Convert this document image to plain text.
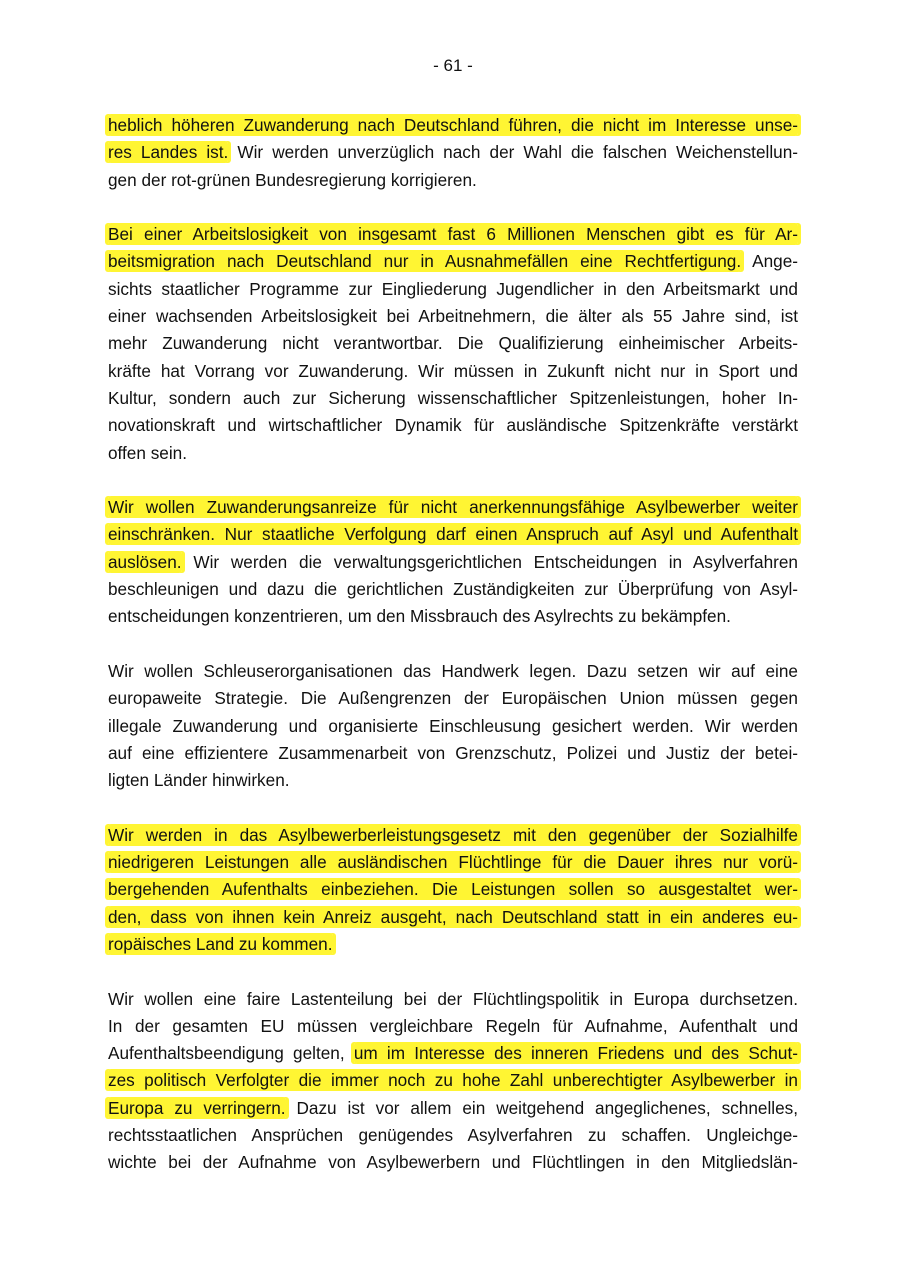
- 61 -
heblich höheren Zuwanderung nach Deutschland führen, die nicht im Interesse unse-
res Landes ist. Wir werden unverzüglich nach der Wahl die falschen Weichenstellun-
gen der rot-grünen Bundesregierung korrigieren.
Bei einer Arbeitslosigkeit von insgesamt fast 6 Millionen Menschen gibt es für Ar-
beitsmigration nach Deutschland nur in Ausnahmefällen eine Rechtfertigung. Ange-
sichts staatlicher Programme zur Eingliederung Jugendlicher in den Arbeitsmarkt und
einer wachsenden Arbeitslosigkeit bei Arbeitnehmern, die älter als 55 Jahre sind, ist
mehr Zuwanderung nicht verantwortbar. Die Qualifizierung einheimischer Arbeits-
kräfte hat Vorrang vor Zuwanderung. Wir müssen in Zukunft nicht nur in Sport und
Kultur, sondern auch zur Sicherung wissenschaftlicher Spitzenleistungen, hoher In-
novationskraft und wirtschaftlicher Dynamik für ausländische Spitzenkräfte verstärkt
offen sein.
Wir wollen Zuwanderungsanreize für nicht anerkennungsfähige Asylbewerber weiter
einschränken. Nur staatliche Verfolgung darf einen Anspruch auf Asyl und Aufenthalt
auslösen. Wir werden die verwaltungsgerichtlichen Entscheidungen in Asylverfahren
beschleunigen und dazu die gerichtlichen Zuständigkeiten zur Überprüfung von Asyl-
entscheidungen konzentrieren, um den Missbrauch des Asylrechts zu bekämpfen.
Wir wollen Schleuserorganisationen das Handwerk legen. Dazu setzen wir auf eine
europaweite Strategie. Die Außengrenzen der Europäischen Union müssen gegen
illegale Zuwanderung und organisierte Einschleusung gesichert werden. Wir werden
auf eine effizientere Zusammenarbeit von Grenzschutz, Polizei und Justiz der betei-
ligten Länder hinwirken.
Wir werden in das Asylbewerberleistungsgesetz mit den gegenüber der Sozialhilfe
niedrigeren Leistungen alle ausländischen Flüchtlinge für die Dauer ihres nur vorü-
bergehenden Aufenthalts einbeziehen. Die Leistungen sollen so ausgestaltet wer-
den, dass von ihnen kein Anreiz ausgeht, nach Deutschland statt in ein anderes eu-
ropäisches Land zu kommen.
Wir wollen eine faire Lastenteilung bei der Flüchtlingspolitik in Europa durchsetzen.
In der gesamten EU müssen vergleichbare Regeln für Aufnahme, Aufenthalt und
Aufenthaltsbeendigung gelten, um im Interesse des inneren Friedens und des Schut-
zes politisch Verfolgter die immer noch zu hohe Zahl unberechtigter Asylbewerber in
Europa zu verringern. Dazu ist vor allem ein weitgehend angeglichenes, schnelles,
rechtsstaatlichen Ansprüchen genügendes Asylverfahren zu schaffen. Ungleichge-
wichte bei der Aufnahme von Asylbewerbern und Flüchtlingen in den Mitgliedslän-
